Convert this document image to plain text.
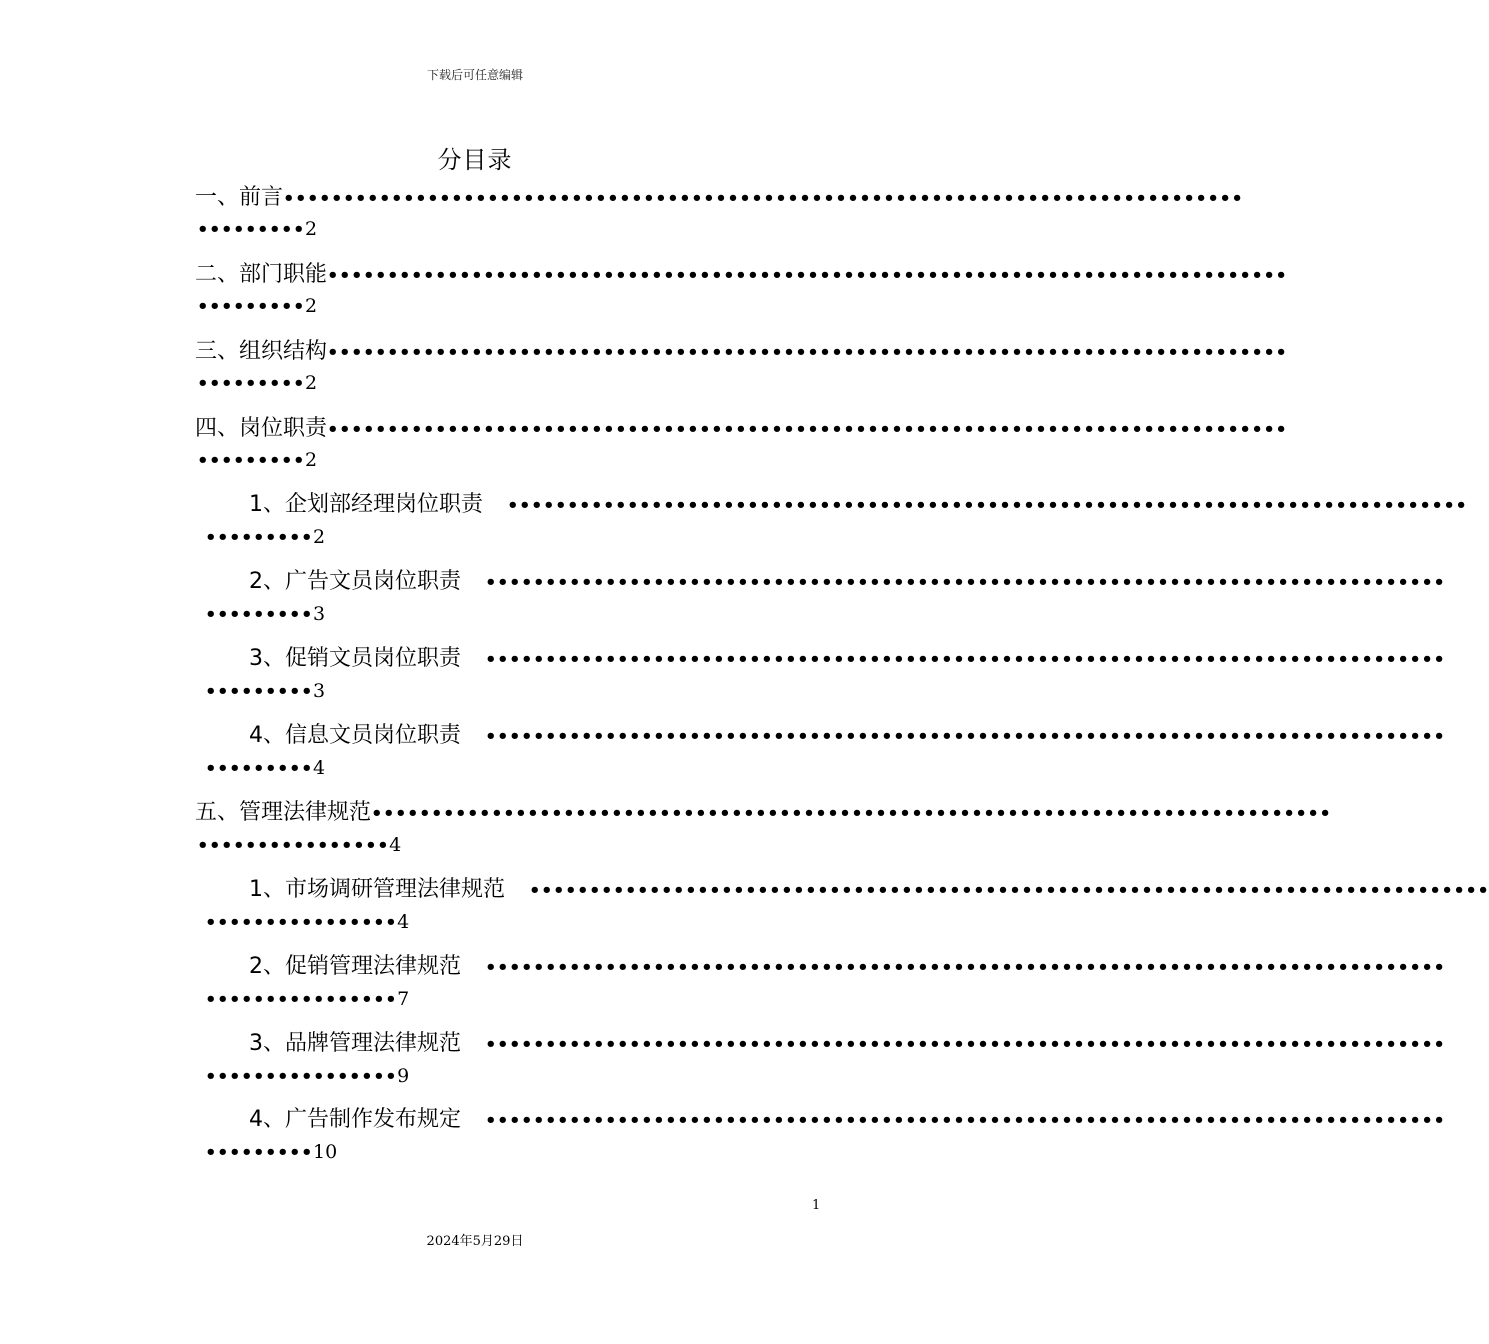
下载后可任意编辑
分目录
一、前言 ••••••••••••••••••••••••••••••••••••••••••••••••••••••••••••••••••••••••••••••••
••••••••• 2
二、部门职能 ••••••••••••••••••••••••••••••••••••••••••••••••••••••••••••••••••••••••••••••••
••••••••• 2
三、组织结构 ••••••••••••••••••••••••••••••••••••••••••••••••••••••••••••••••••••••••••••••••
••••••••• 2
四、岗位职责 ••••••••••••••••••••••••••••••••••••••••••••••••••••••••••••••••••••••••••••••••
••••••••• 2
1、企划部经理岗位职责	••••••••••••••••••••••••••••••••••••••••••••••••••••••••••••••••••••••••••••••••
••••••••• 2
2、广告文员岗位职责	••••••••••••••••••••••••••••••••••••••••••••••••••••••••••••••••••••••••••••••••
••••••••• 3
3、促销文员岗位职责	••••••••••••••••••••••••••••••••••••••••••••••••••••••••••••••••••••••••••••••••
••••••••• 3
4、信息文员岗位职责	••••••••••••••••••••••••••••••••••••••••••••••••••••••••••••••••••••••••••••••••
••••••••• 4
五、管理法律规范 ••••••••••••••••••••••••••••••••••••••••••••••••••••••••••••••••••••••••••••••••
•••••••••••••••• 4
1、市场调研管理法律规范	••••••••••••••••••••••••••••••••••••••••••••••••••••••••••••••••••••••••••••••••
•••••••••••••••• 4
2、促销管理法律规范	••••••••••••••••••••••••••••••••••••••••••••••••••••••••••••••••••••••••••••••••
•••••••••••••••• 7
3、品牌管理法律规范	••••••••••••••••••••••••••••••••••••••••••••••••••••••••••••••••••••••••••••••••
•••••••••••••••• 9
4、广告制作发布规定	••••••••••••••••••••••••••••••••••••••••••••••••••••••••••••••••••••••••••••••••
••••••••• 10
1
2024年5月29日
